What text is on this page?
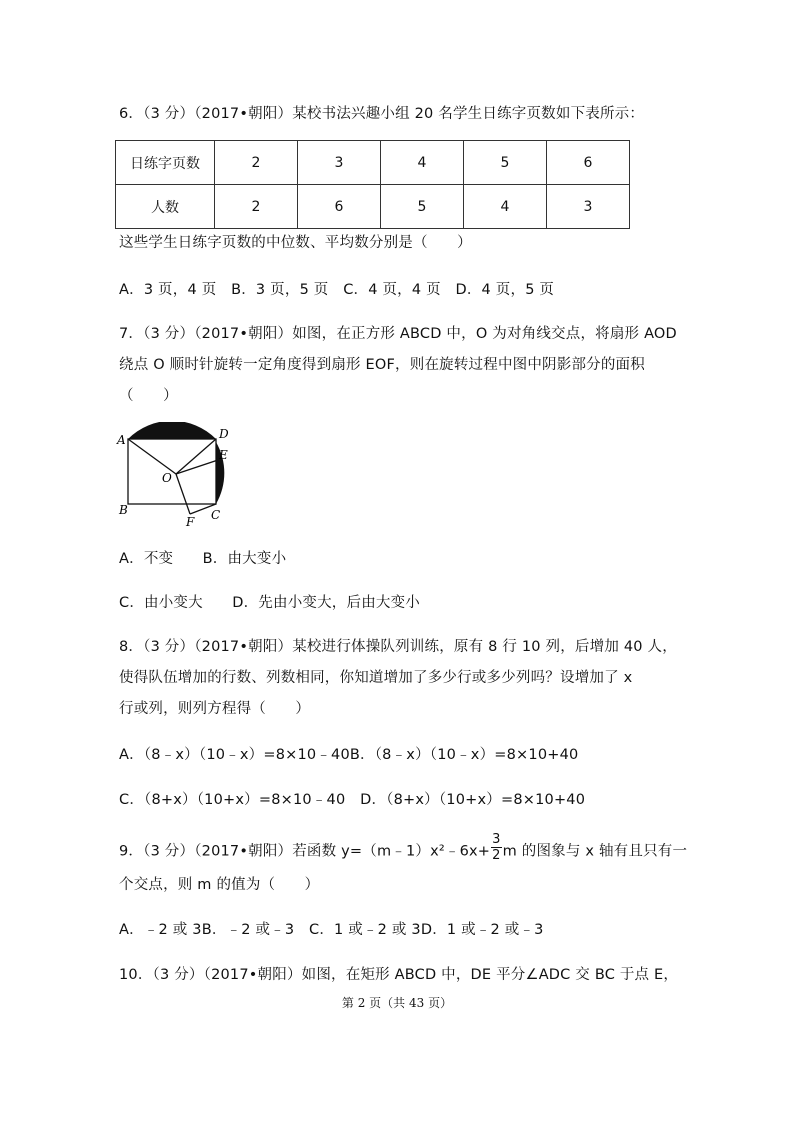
6．（3 分）（2017•朝阳）某校书法兴趣小组 20 名学生日练字页数如下表所示：
日练字页数	2	3	4	5	6
人数	2	6	5	4	3
这些学生日练字页数的中位数、平均数分别是（　　）
A．3 页，4 页　B．3 页，5 页　C．4 页，4 页　D．4 页，5 页
7．（3 分）（2017•朝阳）如图，在正方形 ABCD 中，O 为对角线交点，将扇形 AOD
绕点 O 顺时针旋转一定角度得到扇形 EOF，则在旋转过程中图中阴影部分的面积
（　　）
A	D
E
O
B	C
F
A．不变　　B．由大变小
C．由小变大　　D．先由小变大，后由大变小
8．（3 分）（2017•朝阳）某校进行体操队列训练，原有 8 行 10 列，后增加 40 人，
使得队伍增加的行数、列数相同，你知道增加了多少行或多少列吗？设增加了 x
行或列，则列方程得（　　）
A．（8﹣x）（10﹣x）=8×10﹣40B．（8﹣x）（10﹣x）=8×10+40
C．（8+x）（10+x）=8×10﹣40　D．（8+x）（10+x）=8×10+40
9．（3 分）（2017•朝阳）若函数 y=（m﹣1）x²﹣6x+ $\frac{3}{2}$ m 的图象与 x 轴有且只有一
个交点，则 m 的值为（　　）
A．﹣2 或 3B．﹣2 或﹣3　C．1 或﹣2 或 3D．1 或﹣2 或﹣3
10．（3 分）（2017•朝阳）如图，在矩形 ABCD 中，DE 平分∠ADC 交 BC 于点 E，
第 2 页（共 43 页）
